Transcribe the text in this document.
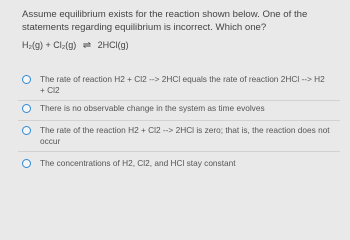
Assume equilibrium exists for the reaction shown below. One of the statements regarding equilibrium is incorrect. Which one?
H₂(g) + Cl₂(g) ⇌ 2HCl(g)
The rate of reaction H2 + Cl2 --> 2HCl equals the rate of reaction 2HCl --> H2
+ Cl2
There is no observable change in the system as time evolves
The rate of the reaction H2 + Cl2 --> 2HCl is zero; that is, the reaction does not
occur
The concentrations of H2, Cl2, and HCl stay constant
